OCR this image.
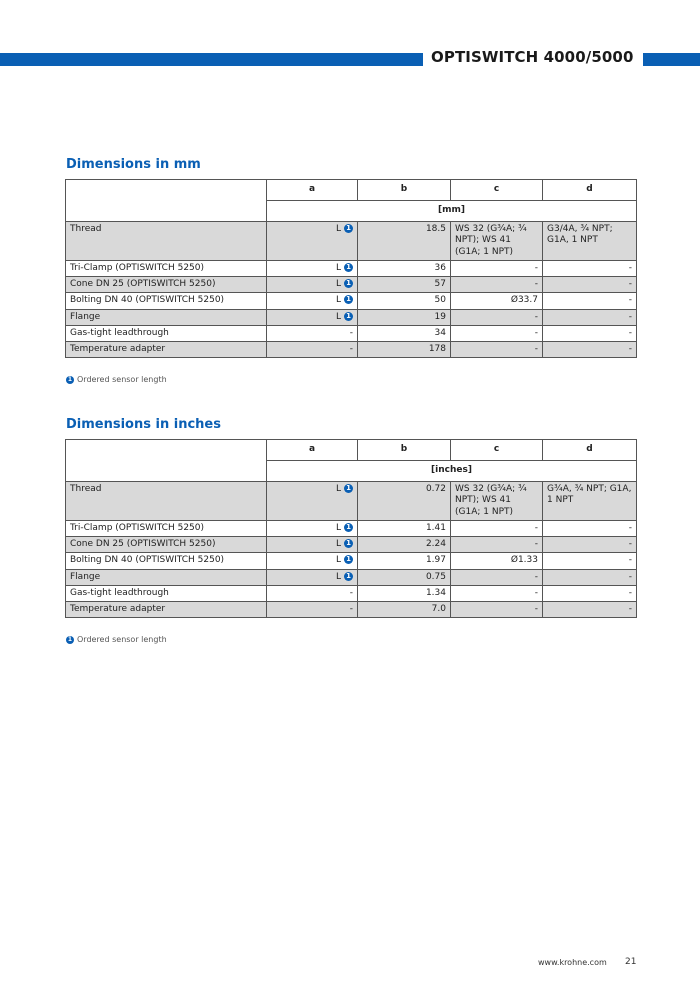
OPTISWITCH 4000/5000
Dimensions in mm
	a	b	c	d
	[mm]			
Thread	L 1	18.5	WS 32 (G¾A; ¾ NPT); WS 41 (G1A; 1 NPT)	G3/4A, ¾ NPT; G1A, 1 NPT
Tri-Clamp (OPTISWITCH 5250)	L 1	36	-	-
Cone DN 25 (OPTISWITCH 5250)	L 1	57	-	-
Bolting DN 40 (OPTISWITCH 5250)	L 1	50	Ø33.7	-
Flange	L 1	19	-	-
Gas-tight leadthrough	-	34	-	-
Temperature adapter	-	178	-	-
1 Ordered sensor length
Dimensions in inches
	a	b	c	d
	[inches]			
Thread	L 1	0.72	WS 32 (G¾A; ¾ NPT); WS 41 (G1A; 1 NPT)	G¾A, ¾ NPT; G1A, 1 NPT
Tri-Clamp (OPTISWITCH 5250)	L 1	1.41	-	-
Cone DN 25 (OPTISWITCH 5250)	L 1	2.24	-	-
Bolting DN 40 (OPTISWITCH 5250)	L 1	1.97	Ø1.33	-
Flange	L 1	0.75	-	-
Gas-tight leadthrough	-	1.34	-	-
Temperature adapter	-	7.0	-	-
1 Ordered sensor length
www.krohne.com 21
